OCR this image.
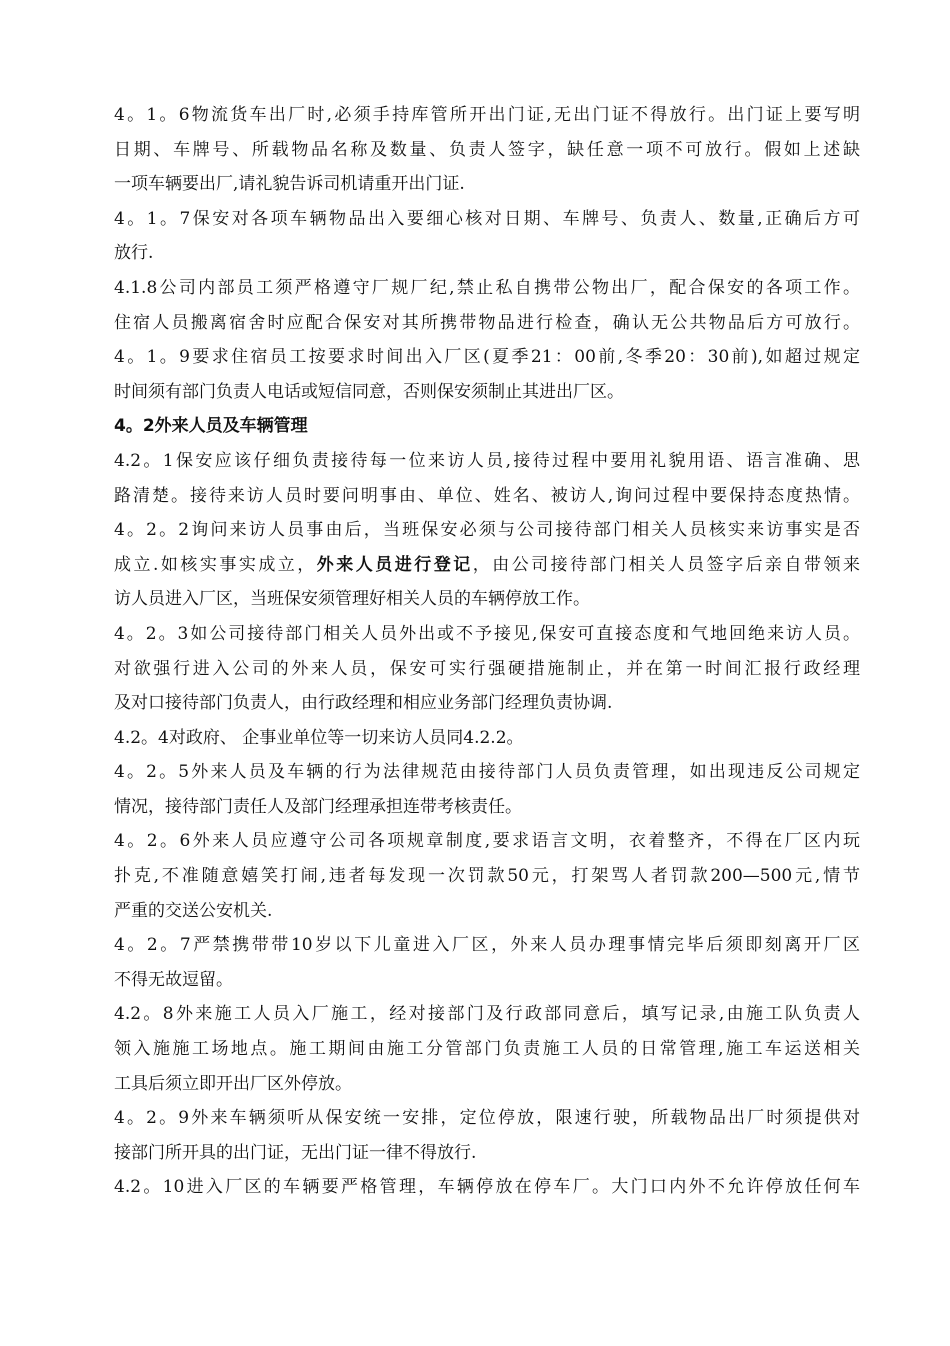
4。1。6物流货车出厂时,必须手持库管所开出门证,无出门证不得放行。出门证上要写明
日期、车牌号、所载物品名称及数量、负责人签字，缺任意一项不可放行。假如上述缺
一项车辆要出厂,请礼貌告诉司机请重开出门证.
4。1。7保安对各项车辆物品出入要细心核对日期、车牌号、负责人、数量,正确后方可
放行.
4.1.8公司内部员工须严格遵守厂规厂纪,禁止私自携带公物出厂，配合保安的各项工作。
住宿人员搬离宿舍时应配合保安对其所携带物品进行检查，确认无公共物品后方可放行。
4。1。9要求住宿员工按要求时间出入厂区(夏季21：00前,冬季20：30前),如超过规定
时间须有部门负责人电话或短信同意，否则保安须制止其进出厂区。
4。2外来人员及车辆管理
4.2。1保安应该仔细负责接待每一位来访人员,接待过程中要用礼貌用语、语言准确、思
路清楚。接待来访人员时要问明事由、单位、姓名、被访人,询问过程中要保持态度热情。
4。2。2询问来访人员事由后，当班保安必须与公司接待部门相关人员核实来访事实是否
成立.如核实事实成立，外来人员进行登记，由公司接待部门相关人员签字后亲自带领来
访人员进入厂区，当班保安须管理好相关人员的车辆停放工作。
4。2。3如公司接待部门相关人员外出或不予接见,保安可直接态度和气地回绝来访人员。
对欲强行进入公司的外来人员，保安可实行强硬措施制止，并在第一时间汇报行政经理
及对口接待部门负责人，由行政经理和相应业务部门经理负责协调.
4.2。4对政府、 企事业单位等一切来访人员同4.2.2。
4。2。5外来人员及车辆的行为法律规范由接待部门人员负责管理，如出现违反公司规定
情况，接待部门责任人及部门经理承担连带考核责任。
4。2。6外来人员应遵守公司各项规章制度,要求语言文明，衣着整齐，不得在厂区内玩
扑克,不准随意嬉笑打闹,违者每发现一次罚款50元，打架骂人者罚款200—500元,情节
严重的交送公安机关.
4。2。7严禁携带带10岁以下儿童进入厂区，外来人员办理事情完毕后须即刻离开厂区
不得无故逗留。
4.2。8外来施工人员入厂施工，经对接部门及行政部同意后，填写记录,由施工队负责人
领入施施工场地点。施工期间由施工分管部门负责施工人员的日常管理,施工车运送相关
工具后须立即开出厂区外停放。
4。2。9外来车辆须听从保安统一安排，定位停放，限速行驶，所载物品出厂时须提供对
接部门所开具的出门证，无出门证一律不得放行.
4.2。10进入厂区的车辆要严格管理，车辆停放在停车厂。大门口内外不允许停放任何车
